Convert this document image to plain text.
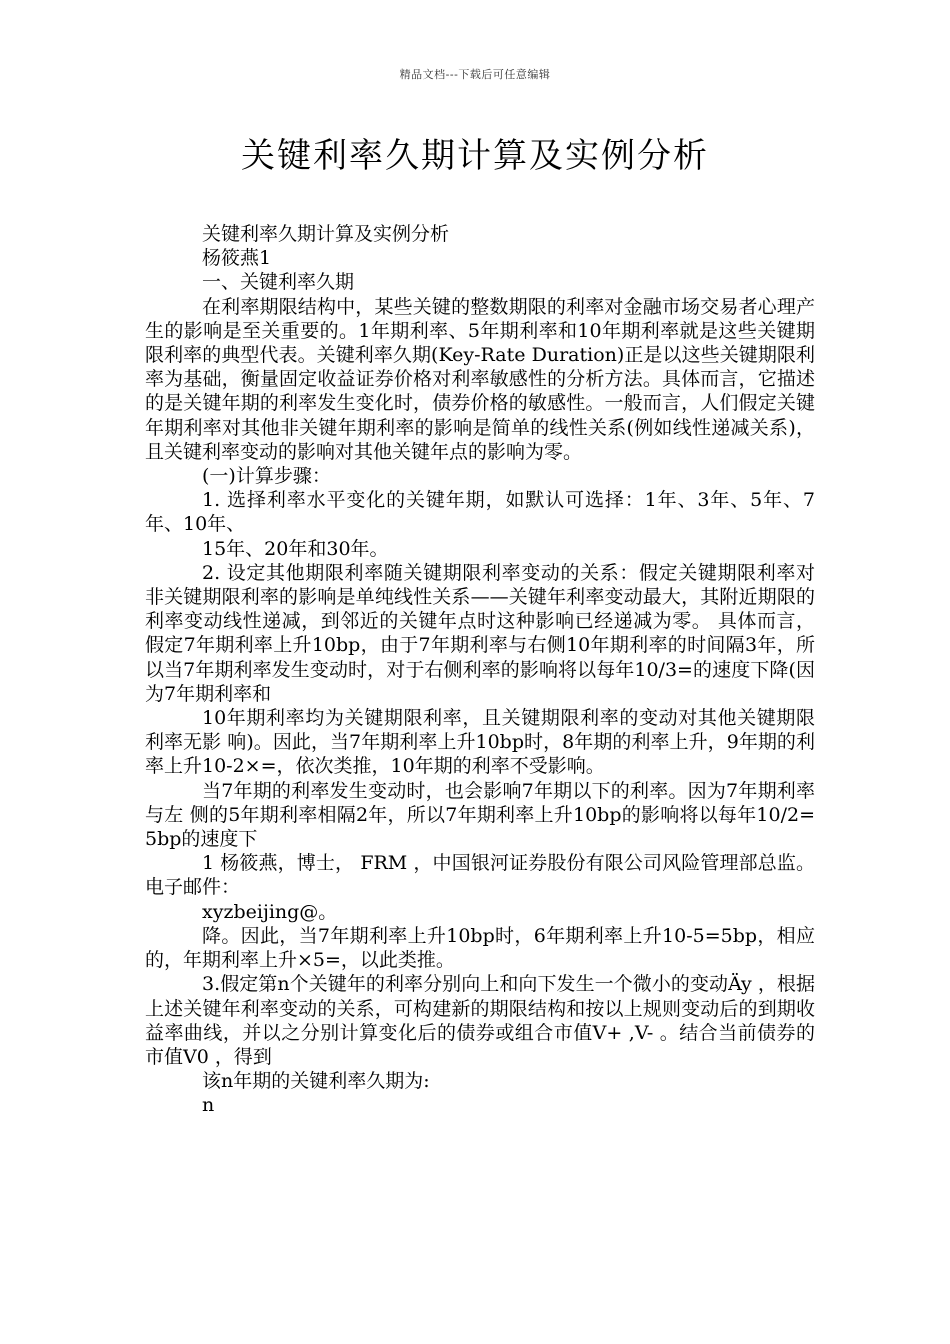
精品文档---下载后可任意编辑
关键利率久期计算及实例分析

关键利率久期计算及实例分析

杨筱燕1

一、关键利率久期

在利率期限结构中，某些关键的整数期限的利率对金融市场交易者心理产生的影响是至关重要的。1年期利率、5年期利率和10年期利率就是这些关键期限利率的典型代表。关键利率久期(Key-Rate Duration)正是以这些关键期限利率为基础，衡量固定收益证券价格对利率敏感性的分析方法。具体而言，它描述的是关键年期的利率发生变化时，债券价格的敏感性。一般而言，人们假定关键年期利率对其他非关键年期利率的影响是简单的线性关系(例如线性递减关系)，且关键利率变动的影响对其他关键年点的影响为零。

(一)计算步骤：

1. 选择利率水平变化的关键年期，如默认可选择：1年、3年、5年、7年、10年、

15年、20年和30年。

2. 设定其他期限利率随关键期限利率变动的关系：假定关键期限利率对非关键期限利率的影响是单纯线性关系——关键年利率变动最大，其附近期限的利率变动线性递减，到邻近的关键年点时这种影响已经递减为零。 具体而言，假定7年期利率上升10bp，由于7年期利率与右侧10年期利率的时间隔3年，所以当7年期利率发生变动时，对于右侧利率的影响将以每年10/3=的速度下降(因为7年期利率和

10年期利率均为关键期限利率，且关键期限利率的变动对其他关键期限利率无影 响)。因此，当7年期利率上升10bp时，8年期的利率上升，9年期的利率上升10-2×=，依次类推，10年期的利率不受影响。

当7年期的利率发生变动时，也会影响7年期以下的利率。因为7年期利率与左 侧的5年期利率相隔2年，所以7年期利率上升10bp的影响将以每年10/2=5bp的速度下

1 杨筱燕，博士， FRM ，中国银河证券股份有限公司风险管理部总监。电子邮件：

xyzbeijing@。

降。因此，当7年期利率上升10bp时，6年期利率上升10-5=5bp，相应的，年期利率上升×5=，以此类推。

3.假定第n个关键年的利率分别向上和向下发生一个微小的变动Äy ，根据上述关键年利率变动的关系，可构建新的期限结构和按以上规则变动后的到期收益率曲线，并以之分别计算变化后的债券或组合市值V+ ,V- 。结合当前债券的市值V0 ，得到

该n年期的关键利率久期为:

n
